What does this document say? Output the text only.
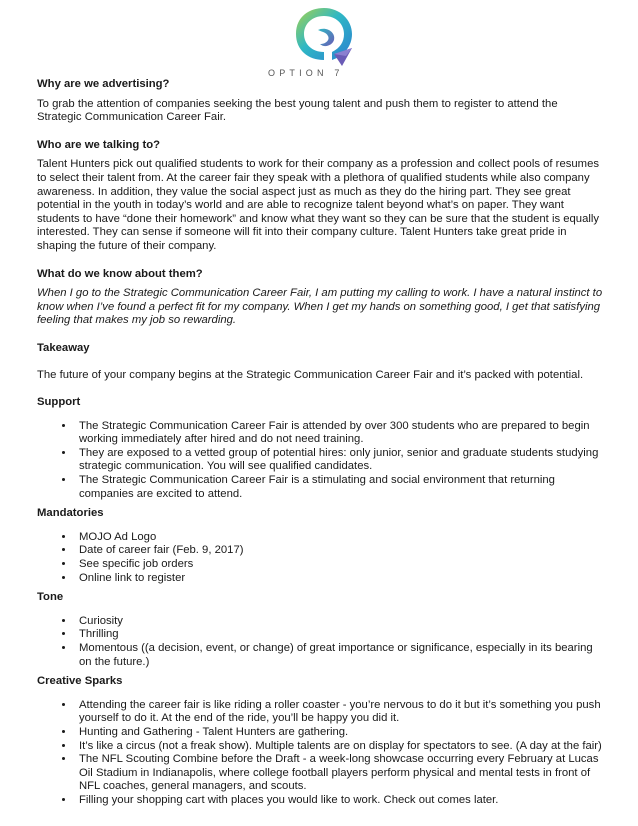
OPTION 7
Why are we advertising?

To grab the attention of companies seeking the best young talent and push them to register to attend the Strategic Communication Career Fair.

Who are we talking to?

Talent Hunters pick out qualified students to work for their company as a profession and collect pools of resumes to select their talent from. At the career fair they speak with a plethora of qualified students while also company awareness. In addition, they value the social aspect just as much as they do the hiring part. They see great potential in the youth in today’s world and are able to recognize talent beyond what’s on paper. They want students to have “done their homework” and know what they want so they can be sure that the student is equally interested. They can sense if someone will fit into their company culture. Talent Hunters take great pride in shaping the future of their company.

What do we know about them?

When I go to the Strategic Communication Career Fair, I am putting my calling to work. I have a natural instinct to know when I’ve found a perfect fit for my company. When I get my hands on something good, I get that satisfying feeling that makes my job so rewarding.

Takeaway

The future of your company begins at the Strategic Communication Career Fair and it’s packed with potential.

Support
• The Strategic Communication Career Fair is attended by over 300 students who are prepared to begin working immediately after hired and do not need training.
• They are exposed to a vetted group of potential hires: only junior, senior and graduate students studying strategic communication. You will see qualified candidates.
• The Strategic Communication Career Fair is a stimulating and social environment that returning companies are excited to attend.
Mandatories
• MOJO Ad Logo
• Date of career fair (Feb. 9, 2017)
• See specific job orders
• Online link to register
Tone
• Curiosity
• Thrilling
• Momentous ((a decision, event, or change) of great importance or significance, especially in its bearing on the future.)
Creative Sparks
• Attending the career fair is like riding a roller coaster - you’re nervous to do it but it’s something you push yourself to do it. At the end of the ride, you’ll be happy you did it.
• Hunting and Gathering - Talent Hunters are gathering.
• It’s like a circus (not a freak show). Multiple talents are on display for spectators to see. (A day at the fair)
• The NFL Scouting Combine before the Draft - a week-long showcase occurring every February at Lucas Oil Stadium in Indianapolis, where college football players perform physical and mental tests in front of NFL coaches, general managers, and scouts.
• Filling your shopping cart with places you would like to work. Check out comes later.
